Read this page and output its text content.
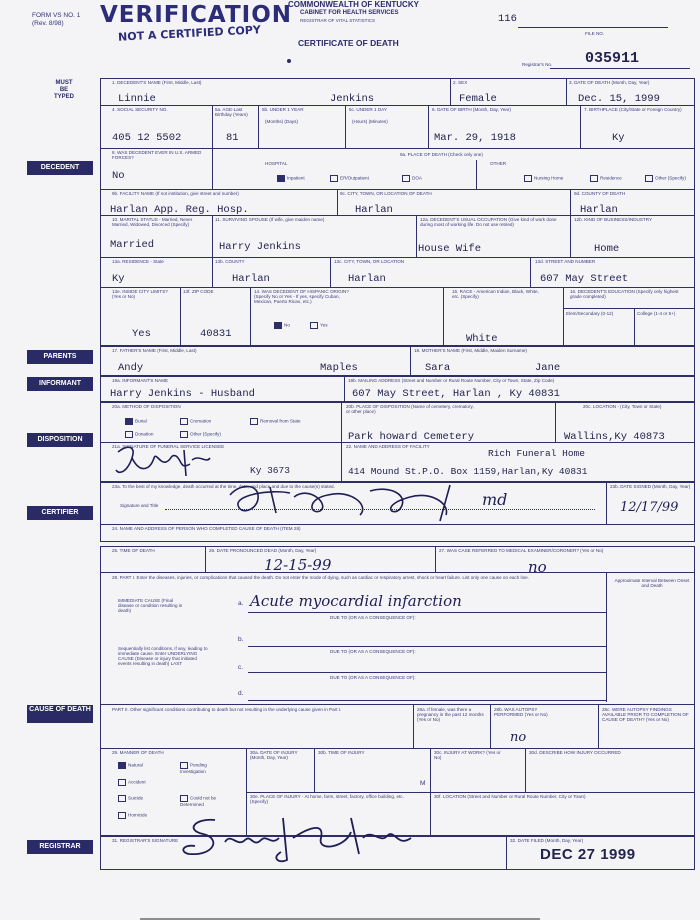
FORM VS NO. 1
(Rev. 8/98) VERIFICATION
NOT A CERTIFIED COPY
COMMONWEALTH OF KENTUCKY
CABINET FOR HEALTH SERVICES
REGISTRAR OF VITAL STATISTICS
CERTIFICATE OF DEATH
116
FILE NO.
Registrar's No. 035911
MUST BE TYPED
DECEDENT
PARENTS
INFORMANT
DISPOSITION
CERTIFIER
CAUSE OF DEATH
REGISTRAR
1. DECEDENT'S NAME (First, Middle, Last)
Linnie	Jenkins
2. SEX
Female
3. DATE OF DEATH (Month, Day, Year)
Dec. 15, 1999
4. SOCIAL SECURITY NO.
405 12 5502
5a. AGE-Last Birthday (Years)
81
5b. UNDER 1 YEAR
(Months) (Days)
5c. UNDER 1 DAY
(Hours) (Minutes)
6. DATE OF BIRTH (Month, Day, Year)
Mar. 29, 1918
7. BIRTHPLACE (City/State or Foreign Country)
Ky
8. WAS DECEDENT EVER IN U.S. ARMED FORCES?
No
9a. PLACE OF DEATH (Check only one)
HOSPITAL	OTHER
Inpatient	ER/Outpatient	DOA	Nursing Home	Residence	Other (Specify)
9b. FACILITY NAME (If not institution, give street and number)
Harlan App. Reg. Hosp.
9c. CITY, TOWN, OR LOCATION OF DEATH
Harlan
9d. COUNTY OF DEATH
Harlan
10. MARITAL STATUS - Married, Never Married, Widowed, Divorced (Specify)
Married
11. SURVIVING SPOUSE (If wife, give maiden name)
Harry Jenkins
12a. DECEDENT'S USUAL OCCUPATION (Give kind of work done during most of working life. Do not use retired)
House Wife
12b. KIND OF BUSINESS/INDUSTRY
Home
13a. RESIDENCE - State
Ky
13b. COUNTY
Harlan
13c. CITY, TOWN, OR LOCATION
Harlan
13d. STREET AND NUMBER
607 May Street
13e. INSIDE CITY LIMITS? (Yes or No)
Yes
13f. ZIP CODE
40831
14. WAS DECEDENT OF HISPANIC ORIGIN? (Specify No or Yes - If yes, specify Cuban, Mexican, Puerto Rican, etc.)
No	Yes
15. RACE - American Indian, Black, White, etc. (Specify)
White
16. DECEDENT'S EDUCATION (Specify only highest grade completed)
Elem/Secondary (0-12)	College (1-4 or 5+)
17. FATHER'S NAME (First, Middle, Last)
Andy	Maples
18. MOTHER'S NAME (First, Middle, Maiden Surname)
Sara	Jane
19a. INFORMANT'S NAME
Harry Jenkins - Husband
19b. MAILING ADDRESS (Street and Number or Rural Route Number, City or Town, State, Zip Code)
607 May Street, Harlan , Ky 40831
20a. METHOD OF DISPOSITION
Burial	Cremation	Removal from State
Donation	Other (Specify)
20b. PLACE OF DISPOSITION (Name of cemetery, crematory, or other place)
Park howard Cemetery
20c. LOCATION - (City, Town or State)
Wallins,Ky 40873
21a. SIGNATURE OF FUNERAL SERVICE LICENSEE
Ky 3673
22. NAME AND ADDRESS OF FACILITY
Rich Funeral Home
414 Mound St.P.O. Box 1159,Harlan,Ky 40831
23a. To the best of my knowledge, death occurred at the time, date, and place and due to the cause(s) stated.
Signature and Title	md
23b. DATE SIGNED (Month, Day, Year)
12/17/99
24. NAME AND ADDRESS OF PERSON WHO COMPLETED CAUSE OF DEATH (ITEM 28)
25. TIME OF DEATH	26. DATE PRONOUNCED DEAD (Month, Day, Year)
12-15-99
27. WAS CASE REFERRED TO MEDICAL EXAMINER/CORONER? (Yes or No)
no
28. PART I. Enter the diseases, injuries, or complications that caused the death. Do not enter the mode of dying, such as cardiac or respiratory arrest, shock or heart failure. List only one cause on each line.
Approximate Interval Between Onset and Death
IMMEDIATE CAUSE (Final disease or condition resulting in death)
a. Acute myocardial infarction
DUE TO (OR AS A CONSEQUENCE OF):
Sequentially list conditions, if any, leading to immediate cause. Enter UNDERLYING CAUSE (Disease or injury that initiated events resulting in death) LAST
b.
DUE TO (OR AS A CONSEQUENCE OF):
c.
DUE TO (OR AS A CONSEQUENCE OF):
d.
PART II. Other significant conditions contributing to death but not resulting in the underlying cause given in Part I.	28a. If female, was there a pregnancy in the past 12 months (Yes or No)
28b. WAS AUTOPSY PERFORMED (Yes or No)
no
28c. WERE AUTOPSY FINDINGS AVAILABLE PRIOR TO COMPLETION OF CAUSE OF DEATH? (Yes or No)
29. MANNER OF DEATH
Natural	Pending Investigation
Accident
Suicide	Could not be Determined
Homicide
30a. DATE OF INJURY (Month, Day, Year)
30b. TIME OF INJURY
M
30c. INJURY AT WORK? (Yes or No)
30d. DESCRIBE HOW INJURY OCCURRED
30e. PLACE OF INJURY - At home, farm, street, factory, office building, etc. (Specify)
30f. LOCATION (Street and Number or Rural Route Number, City or Town)
31. REGISTRAR'S SIGNATURE	32. DATE FILED (Month, Day, Year)
DEC 27 1999
